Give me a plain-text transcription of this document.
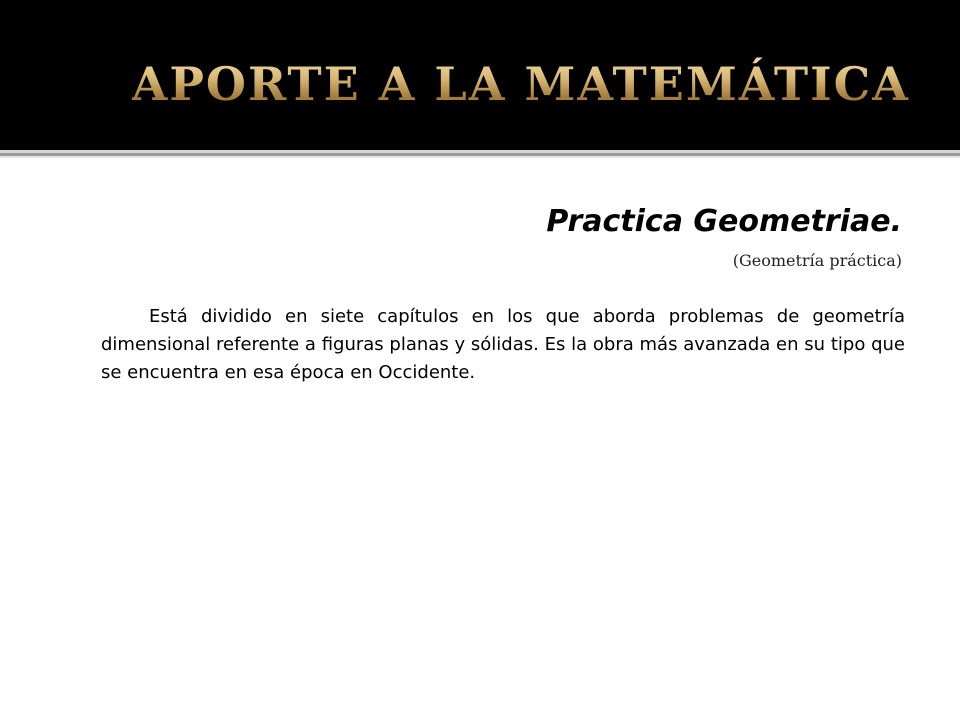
APORTE A LA MATEMÁTICA

Practica Geometriae.

(Geometría práctica)

Está dividido en siete capítulos en los que aborda problemas de geometría dimensional referente a figuras planas y sólidas. Es la obra más avanzada en su tipo que se encuentra en esa época en Occidente.
